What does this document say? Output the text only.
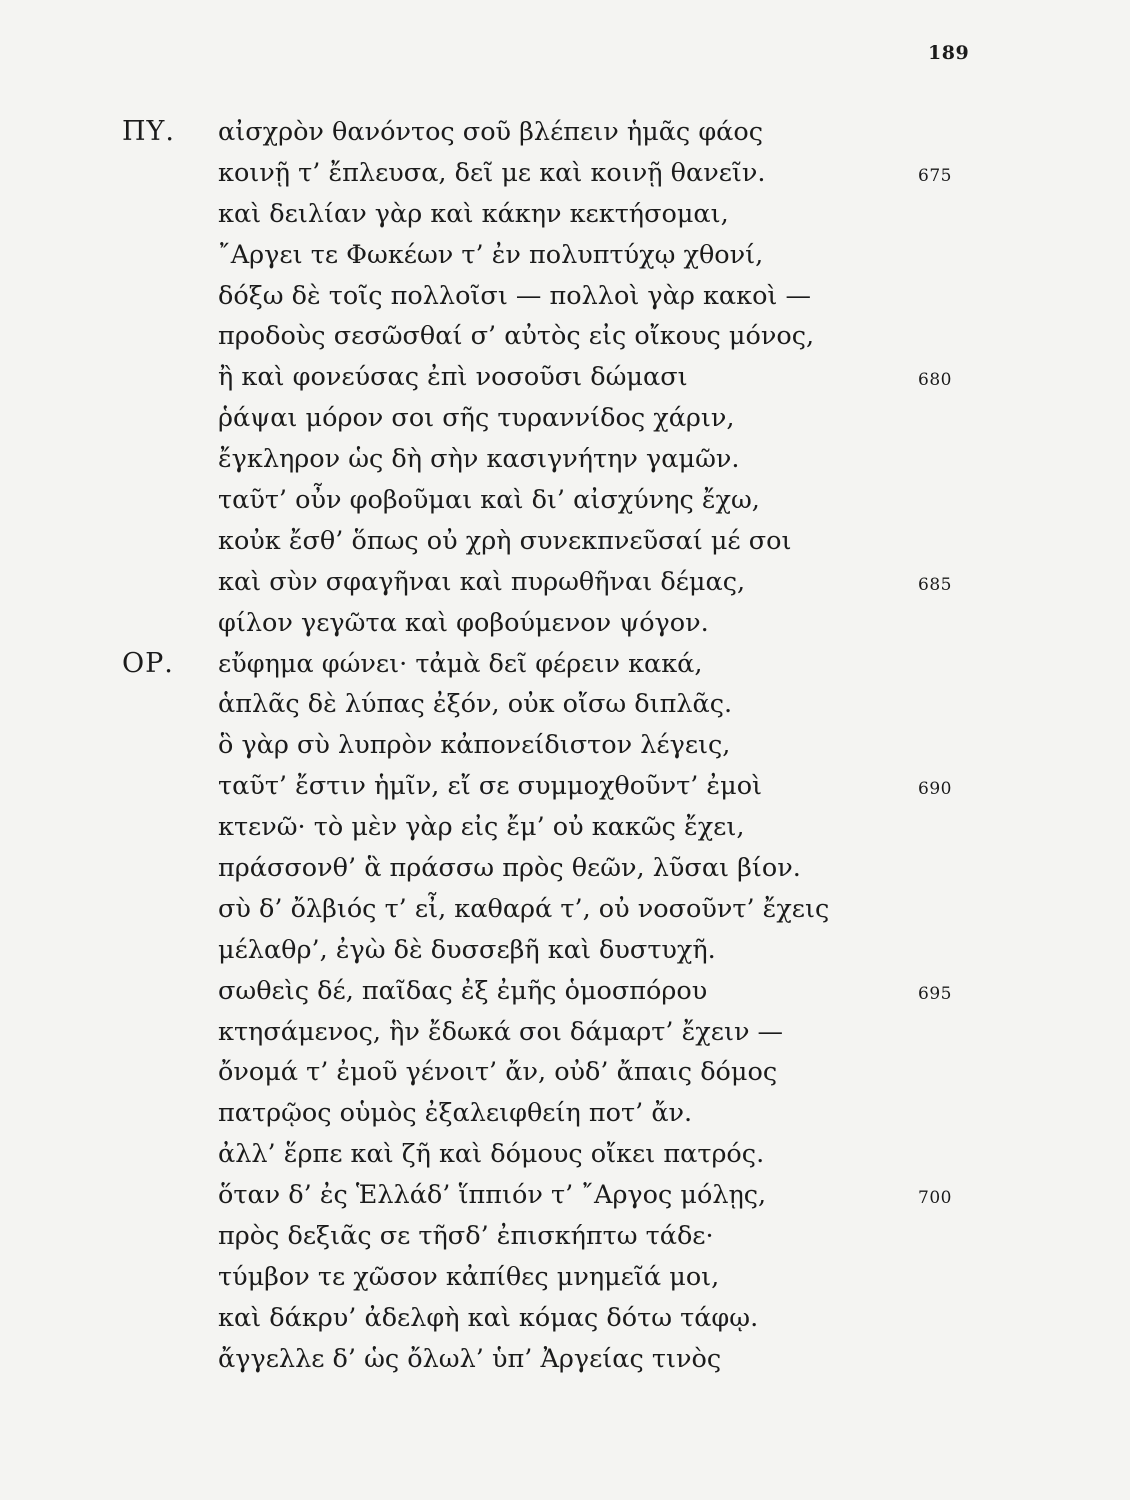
189
ΠΥ. αἰσχρὸν θανόντος σοῦ βλέπειν ἡμᾶς φάος
κοινῇ τ’ ἔπλευσα, δεῖ με καὶ κοινῇ θανεῖν.	675
καὶ δειλίαν γὰρ καὶ κάκην κεκτήσομαι,
῎Αργει τε Φωκέων τ’ ἐν πολυπτύχῳ χθονί,
δόξω δὲ τοῖς πολλοῖσι — πολλοὶ γὰρ κακοὶ —
προδοὺς σεσῶσθαί σ’ αὐτὸς εἰς οἴκους μόνος,
ἢ καὶ φονεύσας ἐπὶ νοσοῦσι δώμασι	680
ῥάψαι μόρον σοι σῆς τυραννίδος χάριν,
ἔγκληρον ὡς δὴ σὴν κασιγνήτην γαμῶν.
ταῦτ’ οὖν φοβοῦμαι καὶ δι’ αἰσχύνης ἔχω,
κοὐκ ἔσθ’ ὅπως οὐ χρὴ συνεκπνεῦσαί μέ σοι
καὶ σὺν σφαγῆναι καὶ πυρωθῆναι δέμας,	685
φίλον γεγῶτα καὶ φοβούμενον ψόγον.
ΟΡ. εὔφημα φώνει· τἀμὰ δεῖ φέρειν κακά,
ἁπλᾶς δὲ λύπας ἐξόν, οὐκ οἴσω διπλᾶς.
ὃ γὰρ σὺ λυπρὸν κἀπονείδιστον λέγεις,
ταῦτ’ ἔστιν ἡμῖν, εἴ σε συμμοχθοῦντ’ ἐμοὶ	690
κτενῶ· τὸ μὲν γὰρ εἰς ἔμ’ οὐ κακῶς ἔχει,
πράσσονθ’ ἃ πράσσω πρὸς θεῶν, λῦσαι βίον.
σὺ δ’ ὄλβιός τ’ εἶ, καθαρά τ’, οὐ νοσοῦντ’ ἔχεις
μέλαθρ’, ἐγὼ δὲ δυσσεβῆ καὶ δυστυχῆ.
σωθεὶς δέ, παῖδας ἐξ ἐμῆς ὁμοσπόρου	695
κτησάμενος, ἣν ἔδωκά σοι δάμαρτ’ ἔχειν —
ὄνομά τ’ ἐμοῦ γένοιτ’ ἄν, οὐδ’ ἄπαις δόμος
πατρῷος οὑμὸς ἐξαλειφθείη ποτ’ ἄν.
ἀλλ’ ἕρπε καὶ ζῆ καὶ δόμους οἴκει πατρός.
ὅταν δ’ ἐς Ἑλλάδ’ ἵππιόν τ’ ῎Αργος μόλῃς,	700
πρὸς δεξιᾶς σε τῆσδ’ ἐπισκήπτω τάδε·
τύμβον τε χῶσον κἀπίθες μνημεῖά μοι,
καὶ δάκρυ’ ἀδελφὴ καὶ κόμας δότω τάφῳ.
ἄγγελλε δ’ ὡς ὄλωλ’ ὑπ’ Ἀργείας τινὸς
